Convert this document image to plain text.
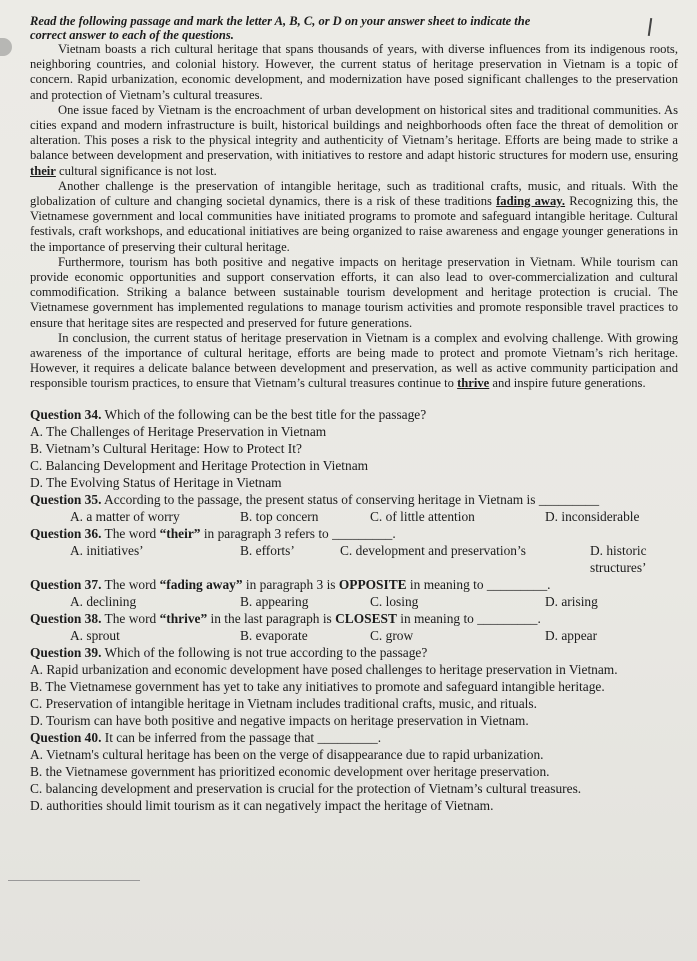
Read the following passage and mark the letter A, B, C, or D on your answer sheet to indicate the

correct answer to each of the questions.

Vietnam boasts a rich cultural heritage that spans thousands of years, with diverse influences from its indigenous roots, neighboring countries, and colonial history. However, the current status of heritage preservation in Vietnam is a topic of concern. Rapid urbanization, economic development, and modernization have posed significant challenges to the preservation and protection of Vietnam’s cultural treasures.

One issue faced by Vietnam is the encroachment of urban development on historical sites and traditional communities. As cities expand and modern infrastructure is built, historical buildings and neighborhoods often face the threat of demolition or alteration. This poses a risk to the physical integrity and authenticity of Vietnam’s heritage. Efforts are being made to strike a balance between development and preservation, with initiatives to restore and adapt historic structures for modern use, ensuring their cultural significance is not lost.

Another challenge is the preservation of intangible heritage, such as traditional crafts, music, and rituals. With the globalization of culture and changing societal dynamics, there is a risk of these traditions fading away. Recognizing this, the Vietnamese government and local communities have initiated programs to promote and safeguard intangible heritage. Cultural festivals, craft workshops, and educational initiatives are being organized to raise awareness and engage younger generations in the importance of preserving their cultural heritage.

Furthermore, tourism has both positive and negative impacts on heritage preservation in Vietnam. While tourism can provide economic opportunities and support conservation efforts, it can also lead to over-commercialization and cultural commodification. Striking a balance between sustainable tourism development and heritage protection is crucial. The Vietnamese government has implemented regulations to manage tourism activities and promote responsible travel practices to ensure that heritage sites are respected and preserved for future generations.

In conclusion, the current status of heritage preservation in Vietnam is a complex and evolving challenge. With growing awareness of the importance of cultural heritage, efforts are being made to protect and promote Vietnam’s rich heritage. However, it requires a delicate balance between development and preservation, as well as active community participation and responsible tourism practices, to ensure that Vietnam’s cultural treasures continue to thrive and inspire future generations.

Question 34. Which of the following can be the best title for the passage?

A. The Challenges of Heritage Preservation in Vietnam

B. Vietnam’s Cultural Heritage: How to Protect It?

C. Balancing Development and Heritage Protection in Vietnam

D. The Evolving Status of Heritage in Vietnam

Question 35. According to the passage, the present status of conserving heritage in Vietnam is _________

A. a matter of worry	B. top concern	C. of little attention	D. inconsiderable

Question 36. The word “their” in paragraph 3 refers to _________.

A. initiatives’	B. efforts’	C. development and preservation’s	D. historic structures’

Question 37. The word “fading away” in paragraph 3 is OPPOSITE in meaning to _________.

A. declining	B. appearing	C. losing	D. arising

Question 38. The word “thrive” in the last paragraph is CLOSEST in meaning to _________.

A. sprout	B. evaporate	C. grow	D. appear

Question 39. Which of the following is not true according to the passage?

A. Rapid urbanization and economic development have posed challenges to heritage preservation in Vietnam.

B. The Vietnamese government has yet to take any initiatives to promote and safeguard intangible heritage.

C. Preservation of intangible heritage in Vietnam includes traditional crafts, music, and rituals.

D. Tourism can have both positive and negative impacts on heritage preservation in Vietnam.

Question 40. It can be inferred from the passage that _________.

A. Vietnam's cultural heritage has been on the verge of disappearance due to rapid urbanization.

B. the Vietnamese government has prioritized economic development over heritage preservation.

C. balancing development and preservation is crucial for the protection of Vietnam’s cultural treasures.

D. authorities should limit tourism as it can negatively impact the heritage of Vietnam.
